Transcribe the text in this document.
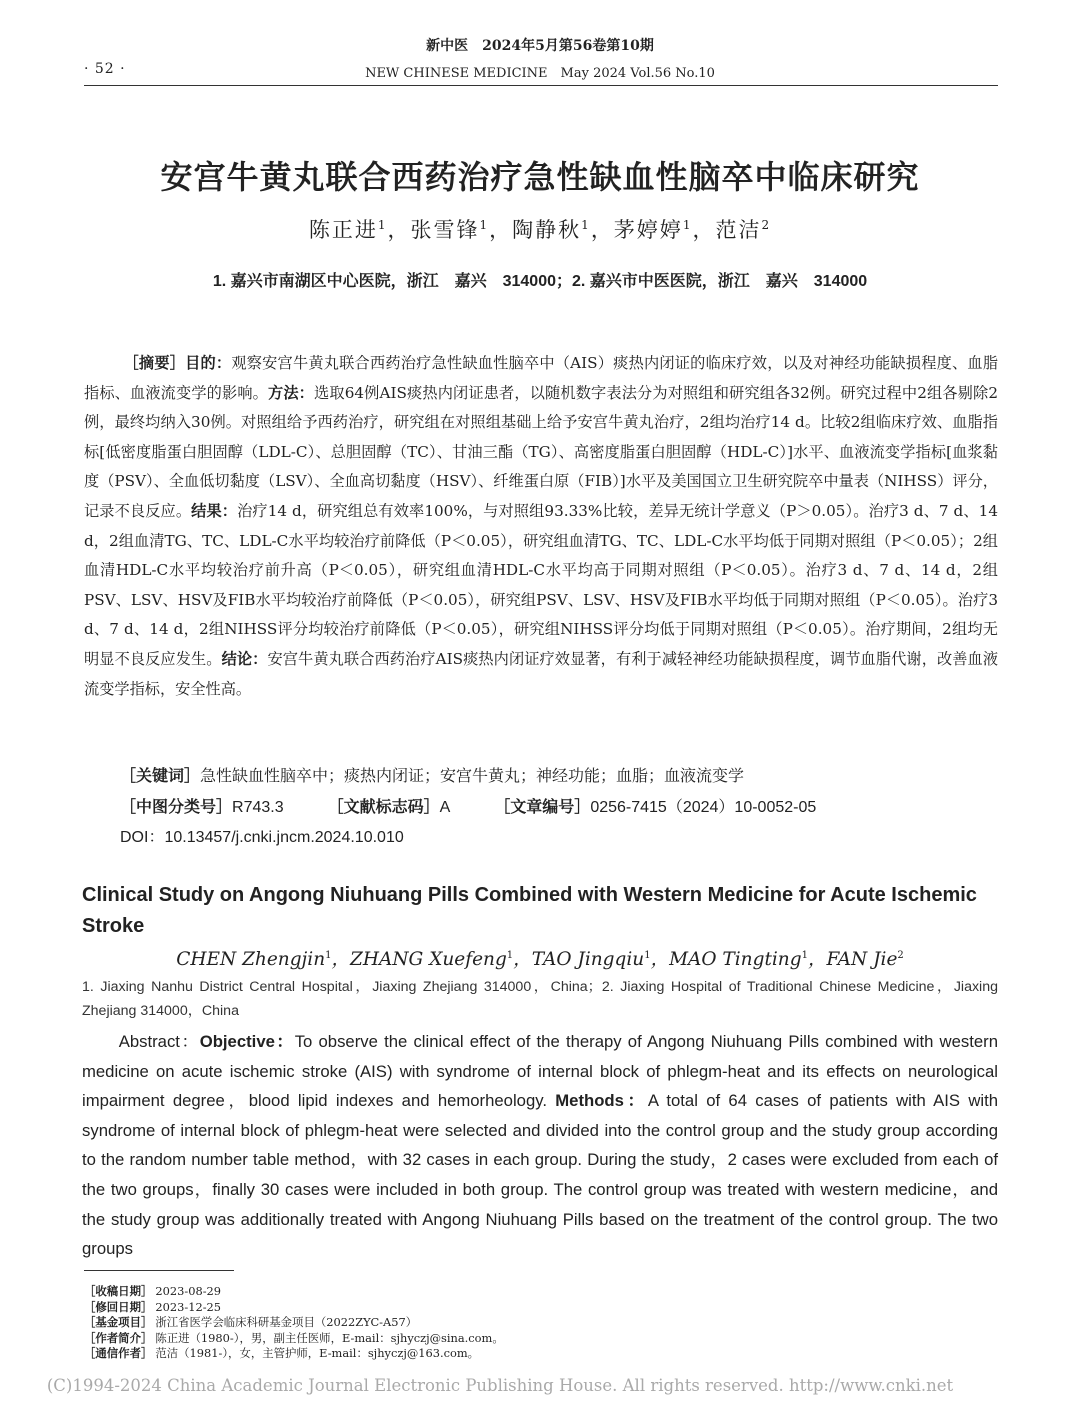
· 52 ·
新中医　2024年5月第56卷第10期
NEW CHINESE MEDICINE　May 2024 Vol.56 No.10
安宫牛黄丸联合西药治疗急性缺血性脑卒中临床研究
陈正进$^1$，张雪锋$^1$，陶静秋$^1$，茅婷婷$^1$，范洁$^2$
1. 嘉兴市南湖区中心医院，浙江　嘉兴　314000；2. 嘉兴市中医医院，浙江　嘉兴　314000

［摘要］目的：观察安宫牛黄丸联合西药治疗急性缺血性脑卒中（AIS）痰热内闭证的临床疗效，以及对神经功能缺损程度、血脂指标、血液流变学的影响。方法：选取64例AIS痰热内闭证患者，以随机数字表法分为对照组和研究组各32例。研究过程中2组各剔除2例，最终均纳入30例。对照组给予西药治疗，研究组在对照组基础上给予安宫牛黄丸治疗，2组均治疗14 d。比较2组临床疗效、血脂指标[低密度脂蛋白胆固醇（LDL-C）、总胆固醇（TC）、甘油三酯（TG）、高密度脂蛋白胆固醇（HDL-C）]水平、血液流变学指标[血浆黏度（PSV）、全血低切黏度（LSV）、全血高切黏度（HSV）、纤维蛋白原（FIB）]水平及美国国立卫生研究院卒中量表（NIHSS）评分，记录不良反应。结果：治疗14 d，研究组总有效率100%，与对照组93.33%比较，差异无统计学意义（P＞0.05）。治疗3 d、7 d、14 d，2组血清TG、TC、LDL-C水平均较治疗前降低（P＜0.05），研究组血清TG、TC、LDL-C水平均低于同期对照组（P＜0.05）；2组血清HDL-C水平均较治疗前升高（P＜0.05），研究组血清HDL-C水平均高于同期对照组（P＜0.05）。治疗3 d、7 d、14 d，2组PSV、LSV、HSV及FIB水平均较治疗前降低（P＜0.05），研究组PSV、LSV、HSV及FIB水平均低于同期对照组（P＜0.05）。治疗3 d、7 d、14 d，2组NIHSS评分均较治疗前降低（P＜0.05），研究组NIHSS评分均低于同期对照组（P＜0.05）。治疗期间，2组均无明显不良反应发生。结论：安宫牛黄丸联合西药治疗AIS痰热内闭证疗效显著，有利于减轻神经功能缺损程度，调节血脂代谢，改善血液流变学指标，安全性高。

［关键词］急性缺血性脑卒中；痰热内闭证；安宫牛黄丸；神经功能；血脂；血液流变学
［中图分类号］R743.3	［文献标志码］A	［文章编号］0256-7415（2024）10-0052-05
DOI：10.13457/j.cnki.jncm.2024.10.010
Clinical Study on Angong Niuhuang Pills Combined with Western Medicine for Acute Ischemic Stroke
CHEN Zhengjin$^1$，ZHANG Xuefeng$^1$，TAO Jingqiu$^1$，MAO Tingting$^1$，FAN Jie$^2$
1. Jiaxing Nanhu District Central Hospital，Jiaxing Zhejiang 314000，China；2. Jiaxing Hospital of Traditional Chinese Medicine，Jiaxing Zhejiang 314000，China

Abstract：Objective：To observe the clinical effect of the therapy of Angong Niuhuang Pills combined with western medicine on acute ischemic stroke (AIS) with syndrome of internal block of phlegm-heat and its effects on neurological impairment degree，blood lipid indexes and hemorheology. Methods：A total of 64 cases of patients with AIS with syndrome of internal block of phlegm-heat were selected and divided into the control group and the study group according to the random number table method，with 32 cases in each group. During the study，2 cases were excluded from each of the two groups，finally 30 cases were included in both group. The control group was treated with western medicine，and the study group was additionally treated with Angong Niuhuang Pills based on the treatment of the control group. The two groups

［收稿日期］ 2023-08-29
［修回日期］ 2023-12-25
［基金项目］ 浙江省医学会临床科研基金项目（2022ZYC-A57）
［作者简介］ 陈正进（1980-），男，副主任医师，E-mail：sjhyczj@sina.com。
［通信作者］ 范洁（1981-），女，主管护师，E-mail：sjhyczj@163.com。
(C)1994-2024 China Academic Journal Electronic Publishing House. All rights reserved. http://www.cnki.net
